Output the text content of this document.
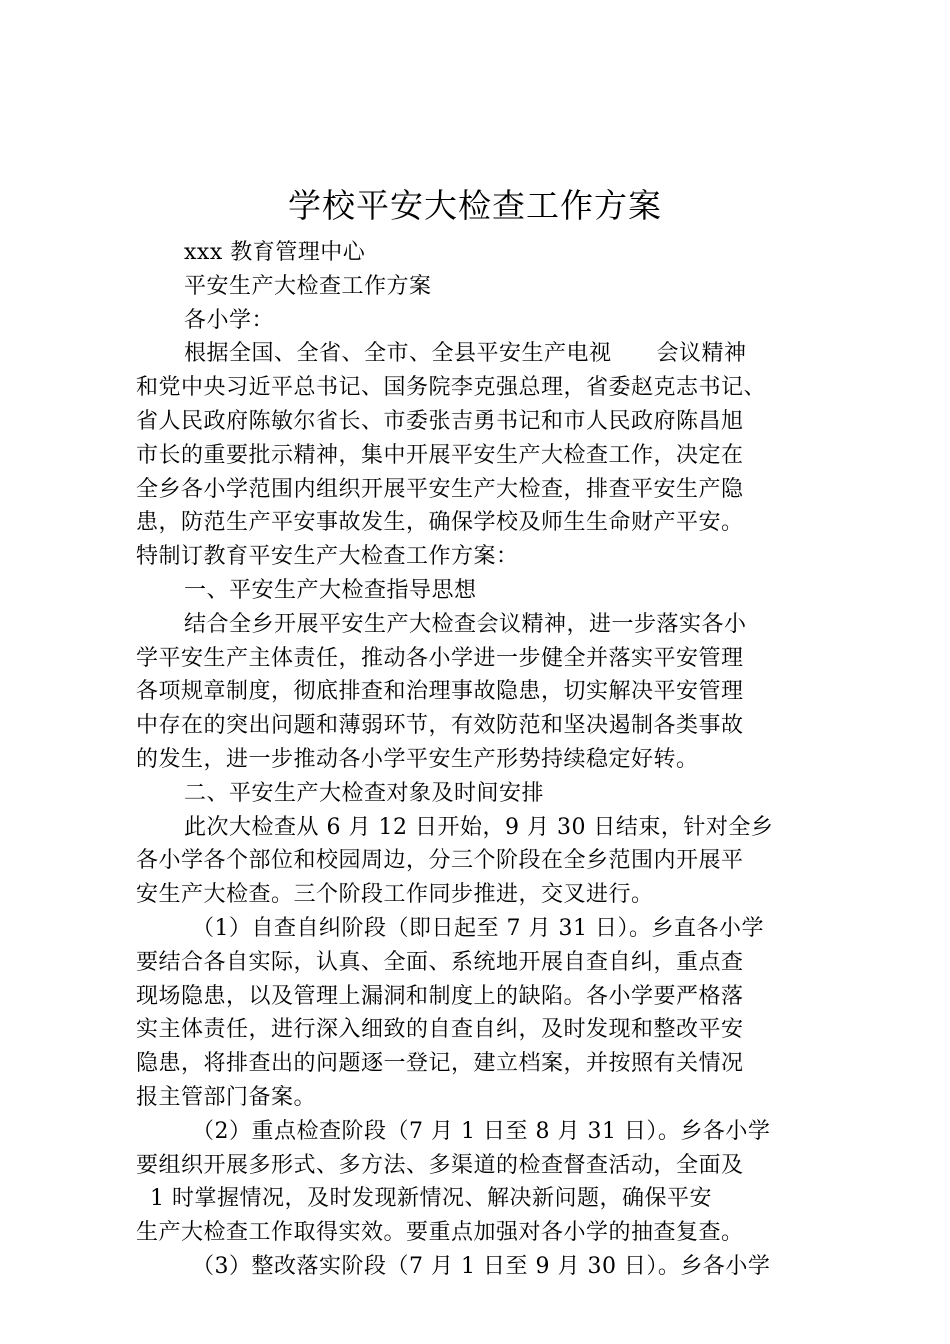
学校平安大检查工作方案
xxx 教育管理中心
平安生产大检查工作方案
各小学：
根据全国、全省、全市、全县平安生产电视　　会议精神
和党中央习近平总书记、国务院李克强总理，省委赵克志书记、
省人民政府陈敏尔省长、市委张吉勇书记和市人民政府陈昌旭
市长的重要批示精神，集中开展平安生产大检查工作，决定在
全乡各小学范围内组织开展平安生产大检查，排查平安生产隐
患，防范生产平安事故发生，确保学校及师生生命财产平安。
特制订教育平安生产大检查工作方案：
一、平安生产大检查指导思想
结合全乡开展平安生产大检查会议精神，进一步落实各小
学平安生产主体责任，推动各小学进一步健全并落实平安管理
各项规章制度，彻底排查和治理事故隐患，切实解决平安管理
中存在的突出问题和薄弱环节，有效防范和坚决遏制各类事故
的发生，进一步推动各小学平安生产形势持续稳定好转。
二、平安生产大检查对象及时间安排
此次大检查从 6 月 12 日开始，9 月 30 日结束，针对全乡
各小学各个部位和校园周边，分三个阶段在全乡范围内开展平
安生产大检查。三个阶段工作同步推进，交叉进行。
（1）自查自纠阶段（即日起至 7 月 31 日）。乡直各小学
要结合各自实际，认真、全面、系统地开展自查自纠，重点查
现场隐患，以及管理上漏洞和制度上的缺陷。各小学要严格落
实主体责任，进行深入细致的自查自纠，及时发现和整改平安
隐患，将排查出的问题逐一登记，建立档案，并按照有关情况
报主管部门备案。
（2）重点检查阶段（7 月 1 日至 8 月 31 日）。乡各小学
要组织开展多形式、多方法、多渠道的检查督查活动，全面及
1 时掌握情况，及时发现新情况、解决新问题，确保平安
生产大检查工作取得实效。要重点加强对各小学的抽查复查。
（3）整改落实阶段（7 月 1 日至 9 月 30 日）。乡各小学
